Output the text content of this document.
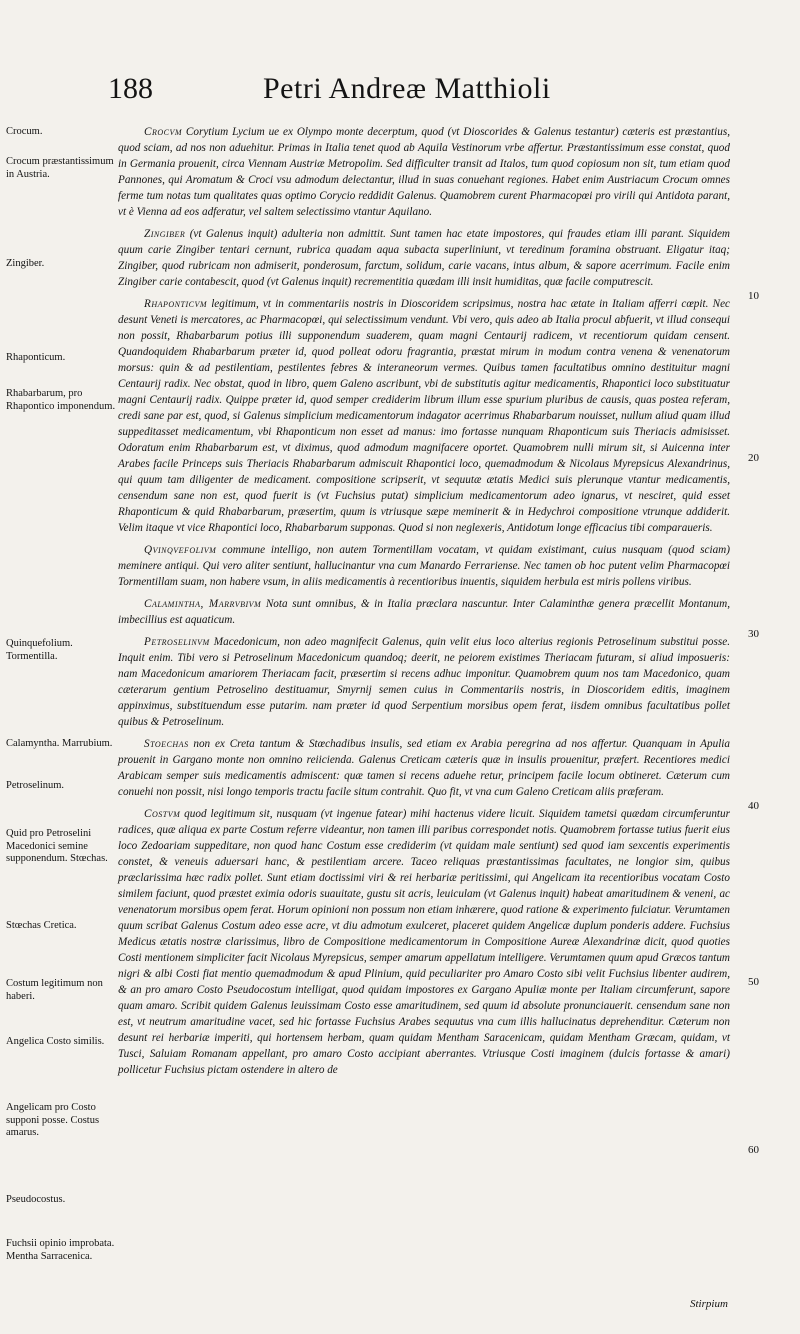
188	Petri Andreæ Matthioli
Crocum.
Crocum præstantissimum in Austria.
Zingiber.
Rhaponticum.
Rhabarbarum, pro Rhapontico imponendum.
Quinquefolium. Tormentilla.
Calamyntha. Marrubium.
Petroselinum.
Quid pro Petroselini Macedonici semine supponendum. Stœchas.
Stœchas Cretica.
Costum legitimum non haberi.
Angelica Costo similis.
Angelicam pro Costo supponi posse. Costus amarus.
Pseudocostus.
Fuchsii opinio improbata. Mentha Sarracenica.
10
20
30
40
50
60

Crocvm Corytium Lycium ue ex Olympo monte decerptum, quod (vt Dioscorides & Galenus testantur) cæteris est præstantius, quod sciam, ad nos non aduehitur. Primas in Italia tenet quod ab Aquila Vestinorum vrbe affertur. Præstantissimum esse constat, quod in Germania prouenit, circa Viennam Austriæ Metropolim. Sed difficulter transit ad Italos, tum quod copiosum non sit, tum etiam quod Pannones, qui Aromatum & Croci vsu admodum delectantur, illud in suas conuehant regiones. Habet enim Austriacum Crocum omnes ferme tum notas tum qualitates quas optimo Corycio reddidit Galenus. Quamobrem curent Pharmacopœi pro virili qui Antidota parant, vt è Vienna ad eos adferatur, vel saltem selectissimo vtantur Aquilano.

Zingiber (vt Galenus inquit) adulteria non admittit. Sunt tamen hac etate impostores, qui fraudes etiam illi parant. Siquidem quum carie Zingiber tentari cernunt, rubrica quadam aqua subacta superliniunt, vt teredinum foramina obstruant. Eligatur itaq; Zingiber, quod rubricam non admiserit, ponderosum, farctum, solidum, carie vacans, intus album, & sapore acerrimum. Facile enim Zingiber carie contabescit, quod (vt Galenus inquit) recrementitia quædam illi insit humiditas, quæ facile computrescit.

Rhaponticvm legitimum, vt in commentariis nostris in Dioscoridem scripsimus, nostra hac ætate in Italiam afferri cœpit. Nec desunt Veneti is mercatores, ac Pharmacopœi, qui selectissimum vendunt. Vbi vero, quis adeo ab Italia procul abfuerit, vt illud consequi non possit, Rhabarbarum potius illi supponendum suaderem, quam magni Centaurij radicem, vt recentiorum quidam censent. Quandoquidem Rhabarbarum præter id, quod polleat odoru fragrantia, præstat mirum in modum contra venena & venenatorum morsus: quin & ad pestilentiam, pestilentes febres & interaneorum vermes. Quibus tamen facultatibus omnino destituitur magni Centaurij radix. Nec obstat, quod in libro, quem Galeno ascribunt, vbi de substitutis agitur medicamentis, Rhapontici loco substituatur magni Centaurij radix. Quippe præter id, quod semper crediderim librum illum esse spurium pluribus de causis, quas postea referam, credi sane par est, quod, si Galenus simplicium medicamentorum indagator acerrimus Rhabarbarum nouisset, nullum aliud quam illud suppeditasset medicamentum, vbi Rhaponticum non esset ad manus: imo fortasse nunquam Rhaponticum suis Theriacis admisisset. Odoratum enim Rhabarbarum est, vt diximus, quod admodum magnifacere oportet. Quamobrem nulli mirum sit, si Auicenna inter Arabes facile Princeps suis Theriacis Rhabarbarum admiscuit Rhapontici loco, quemadmodum & Nicolaus Myrepsicus Alexandrinus, qui quum tam diligenter de medicament. compositione scripserit, vt sequutæ ætatis Medici suis plerunque vtantur medicamentis, censendum sane non est, quod fuerit is (vt Fuchsius putat) simplicium medicamentorum adeo ignarus, vt nesciret, quid esset Rhaponticum & quid Rhabarbarum, præsertim, quum is vtriusque sæpe meminerit & in Hedychroi compositione vtrunque addiderit. Velim itaque vt vice Rhapontici loco, Rhabarbarum supponas. Quod si non neglexeris, Antidotum longe efficacius tibi comparaueris.

Qvinqvefolivm commune intelligo, non autem Tormentillam vocatam, vt quidam existimant, cuius nusquam (quod sciam) meminere antiqui. Qui vero aliter sentiunt, hallucinantur vna cum Manardo Ferrariense. Nec tamen ob hoc putent velim Pharmacopœi Tormentillam suam, non habere vsum, in aliis medicamentis à recentioribus inuentis, siquidem herbula est miris pollens viribus.

Calamintha, Marrvbivm Nota sunt omnibus, & in Italia præclara nascuntur. Inter Calaminthæ genera præcellit Montanum, imbecillius est aquaticum.

Petroselinvm Macedonicum, non adeo magnifecit Galenus, quin velit eius loco alterius regionis Petroselinum substitui posse. Inquit enim. Tibi vero si Petroselinum Macedonicum quandoq; deerit, ne peiorem existimes Theriacam futuram, si aliud imposueris: nam Macedonicum amariorem Theriacam facit, præsertim si recens adhuc imponitur. Quamobrem quum nos tam Macedonico, quam cæterarum gentium Petroselino destituamur, Smyrnij semen cuius in Commentariis nostris, in Dioscoridem editis, imaginem appinximus, substituendum esse putarim. nam præter id quod Serpentium morsibus opem ferat, iisdem omnibus facultatibus pollet quibus & Petroselinum.

Stoechas non ex Creta tantum & Stœchadibus insulis, sed etiam ex Arabia peregrina ad nos affertur. Quanquam in Apulia prouenit in Gargano monte non omnino reiicienda. Galenus Creticam cæteris quæ in insulis prouenitur, præfert. Recentiores medici Arabicam semper suis medicamentis admiscent: quæ tamen si recens aduehe retur, principem facile locum obtineret. Cæterum cum conuehi non possit, nisi longo temporis tractu facile situm contrahit. Quo fit, vt vna cum Galeno Creticam aliis præferam.

Costvm quod legitimum sit, nusquam (vt ingenue fatear) mihi hactenus videre licuit. Siquidem tametsi quædam circumferuntur radices, quæ aliqua ex parte Costum referre videantur, non tamen illi paribus correspondet notis. Quamobrem fortasse tutius fuerit eius loco Zedoariam suppeditare, non quod hanc Costum esse crediderim (vt quidam male sentiunt) sed quod iam sexcentis experimentis constet, & veneuis aduersari hanc, & pestilentiam arcere. Taceo reliquas præstantissimas facultates, ne longior sim, quibus præclarissima hæc radix pollet. Sunt etiam doctissimi viri & rei herbariæ peritissimi, qui Angelicam ita recentioribus vocatam Costo similem faciunt, quod præstet eximia odoris suauitate, gustu sit acris, leuiculam (vt Galenus inquit) habeat amaritudinem & veneni, ac venenatorum morsibus opem ferat. Horum opinioni non possum non etiam inhærere, quod ratione & experimento fulciatur. Verumtamen quum scribat Galenus Costum adeo esse acre, vt diu admotum exulceret, placeret quidem Angelicæ duplum ponderis addere. Fuchsius Medicus ætatis nostræ clarissimus, libro de Compositione medicamentorum in Compositione Aureæ Alexandrinæ dicit, quod quoties Costi mentionem simpliciter facit Nicolaus Myrepsicus, semper amarum appellatum intelligere. Verumtamen quum apud Græcos tantum nigri & albi Costi fiat mentio quemadmodum & apud Plinium, quid peculiariter pro Amaro Costo sibi velit Fuchsius libenter audirem, & an pro amaro Costo Pseudocostum intelligat, quod quidam impostores ex Gargano Apuliæ monte per Italiam circumferunt, sapore quam amaro. Scribit quidem Galenus leuissimam Costo esse amaritudinem, sed quum id absolute pronunciauerit. censendum sane non est, vt neutrum amaritudine vacet, sed hic fortasse Fuchsius Arabes sequutus vna cum illis hallucinatus deprehenditur. Cæterum non desunt rei herbariæ imperiti, qui hortensem herbam, quam quidam Mentham Saracenicam, quidam Mentham Græcam, quidam, vt Tusci, Saluiam Romanam appellant, pro amaro Costo accipiant aberrantes. Vtriusque Costi imaginem (dulcis fortasse & amari) pollicetur Fuchsius pictam ostendere in altero de

Stirpium
